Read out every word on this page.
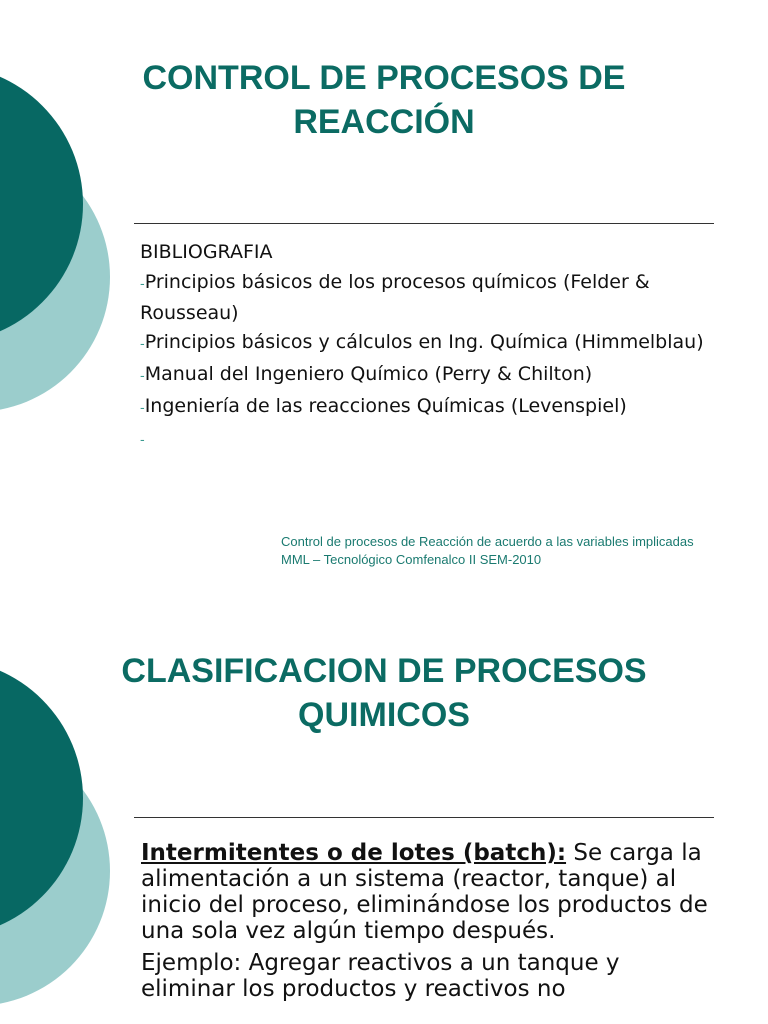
CONTROL DE PROCESOS DE
REACCIÓN
BIBLIOGRAFIA
-Principios básicos de los procesos químicos (Felder & Rousseau)
-Principios básicos y cálculos en Ing. Química (Himmelblau)
-Manual del Ingeniero Químico (Perry & Chilton)
-Ingeniería de las reacciones Químicas (Levenspiel)
-
Control de procesos de Reacción de acuerdo a las variables implicadas
MML – Tecnológico Comfenalco II SEM-2010
CLASIFICACION DE PROCESOS
QUIMICOS

Intermitentes o de lotes (batch): Se carga la alimentación a un sistema (reactor, tanque) al inicio del proceso, eliminándose los productos de una sola vez algún tiempo después.

Ejemplo: Agregar reactivos a un tanque y eliminar los productos y reactivos no
